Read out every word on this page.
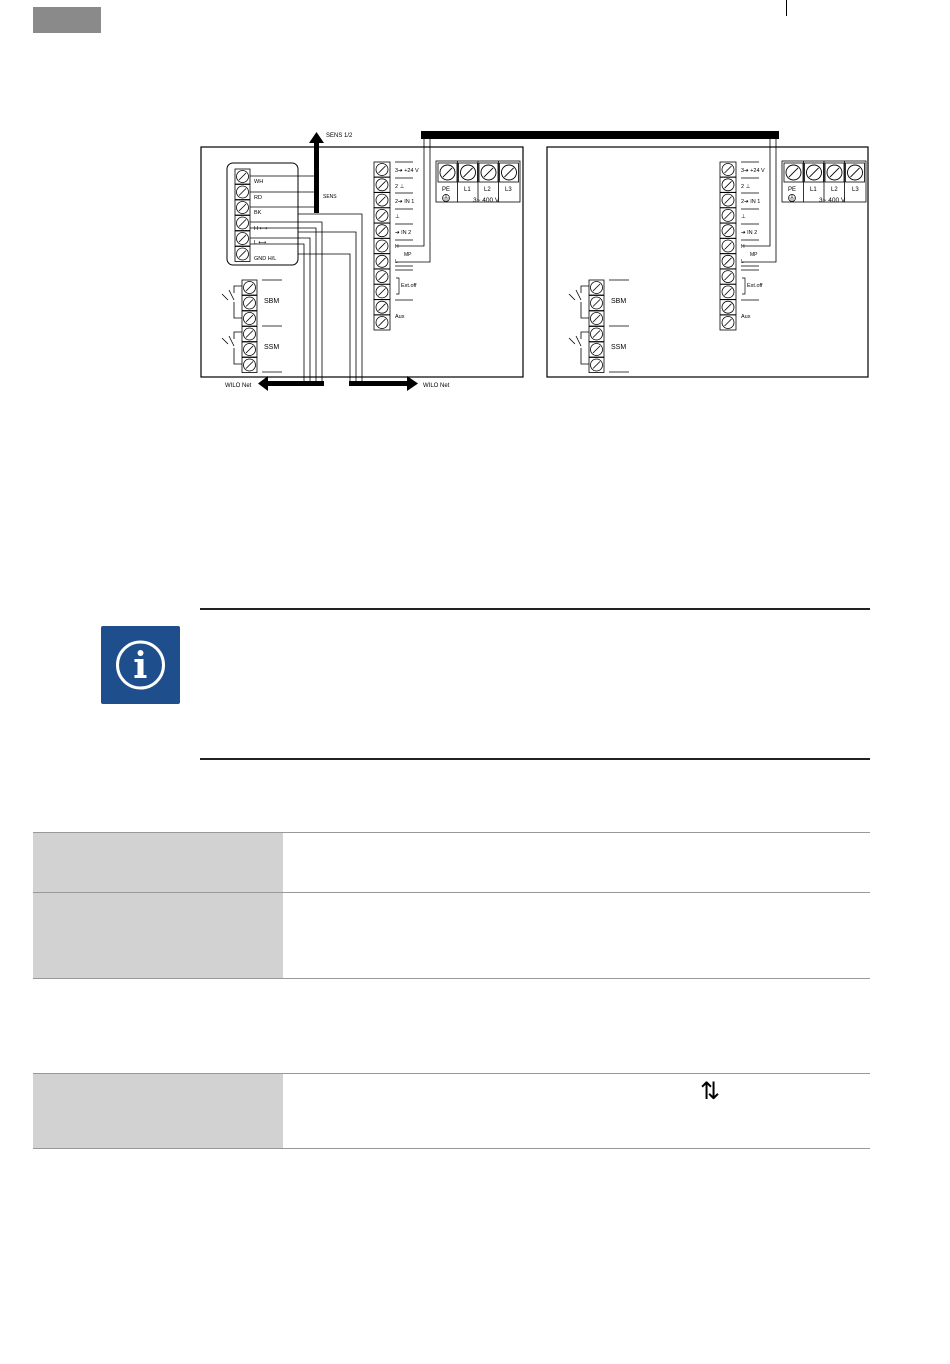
SENS 1/2
SENS
WH
RD
BK
H ⟷
L ⟷
GND H/L
3➔ +24 V
2 ⊥
2➔ IN 1
⊥
➔ IN 2
H
MP
L
Ext.off
Aux
PE L1 L2 L3
3~ 400 V
SBM
SSM
WILO Net	WILO Net
3➔ +24 V
2 ⊥
2➔ IN 1
⊥
➔ IN 2
H
MP
L
Ext.off
Aux
PE L1 L2 L3
3~ 400 V
SBM
SSM
⇅
